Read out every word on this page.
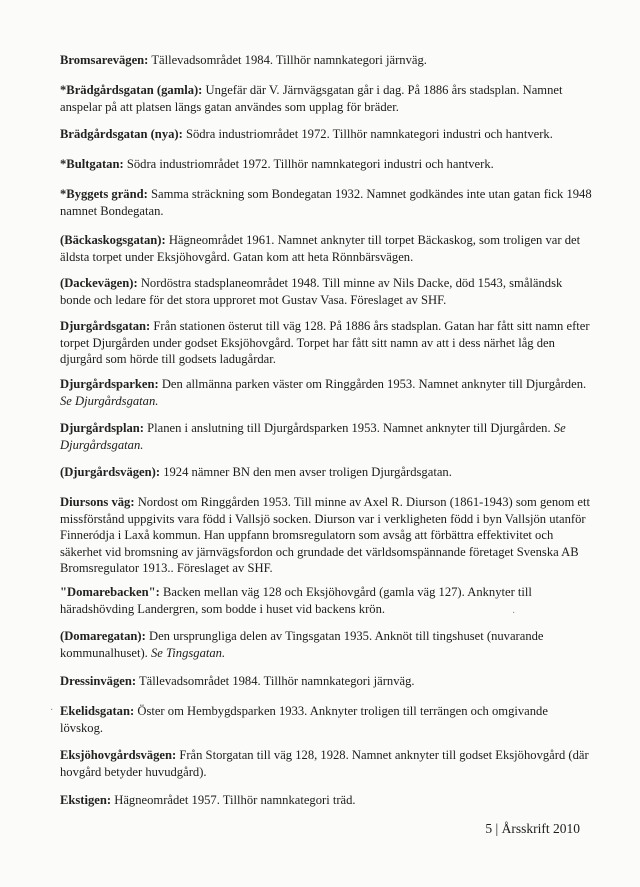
Bromsarevägen: Tällevadsområdet 1984. Tillhör namnkategori järnväg.

*Brädgårdsgatan (gamla): Ungefär där V. Järnvägsgatan går i dag. På 1886 års stadsplan. Namnet anspelar på att platsen längs gatan användes som upplag för bräder.

Brädgårdsgatan (nya): Södra industriområdet 1972. Tillhör namnkategori industri och hantverk.

*Bultgatan: Södra industriområdet 1972. Tillhör namnkategori industri och hantverk.

*Byggets gränd: Samma sträckning som Bondegatan 1932. Namnet godkändes inte utan gatan fick 1948 namnet Bondegatan.

(Bäckaskogsgatan): Hägneområdet 1961. Namnet anknyter till torpet Bäckaskog, som troligen var det äldsta torpet under Eksjöhovgård. Gatan kom att heta Rönnbärsvägen.

(Dackevägen): Nordöstra stadsplaneområdet 1948. Till minne av Nils Dacke, död 1543, småländsk bonde och ledare för det stora upproret mot Gustav Vasa. Föreslaget av SHF.

Djurgårdsgatan: Från stationen österut till väg 128. På 1886 års stadsplan. Gatan har fått sitt namn efter torpet Djurgården under godset Eksjöhovgård. Torpet har fått sitt namn av att i dess närhet låg den djurgård som hörde till godsets ladugårdar.

Djurgårdsparken: Den allmänna parken väster om Ringgården 1953. Namnet anknyter till Djurgården. Se Djurgårdsgatan.

Djurgårdsplan: Planen i anslutning till Djurgårdsparken 1953. Namnet anknyter till Djurgården. Se Djurgårdsgatan.

(Djurgårdsvägen): 1924 nämner BN den men avser troligen Djurgårdsgatan.

Diursons väg: Nordost om Ringgården 1953. Till minne av Axel R. Diurson (1861-1943) som genom ett missförstånd uppgivits vara född i Vallsjö socken. Diurson var i verkligheten född i byn Vallsjön utanför Finneródja i Laxå kommun. Han uppfann bromsregulatorn som avsåg att förbättra effektivitet och säkerhet vid bromsning av järnvägsfordon och grundade det världsomspännande företaget Svenska AB Bromsregulator 1913.. Föreslaget av SHF.

"Domarebacken": Backen mellan väg 128 och Eksjöhovgård (gamla väg 127). Anknyter till häradshövding Landergren, som bodde i huset vid backens krön.

(Domaregatan): Den ursprungliga delen av Tingsgatan 1935. Anknöt till tingshuset (nuvarande kommunalhuset). Se Tingsgatan.

Dressinvägen: Tällevadsområdet 1984. Tillhör namnkategori järnväg.

Ekelidsgatan: Öster om Hembygdsparken 1933. Anknyter troligen till terrängen och omgivande lövskog.

Eksjöhovgårdsvägen: Från Storgatan till väg 128, 1928. Namnet anknyter till godset Eksjöhovgård (där hovgård betyder huvudgård).

Ekstigen: Hägneområdet 1957. Tillhör namnkategori träd.

5 | Årsskrift 2010
·
·
